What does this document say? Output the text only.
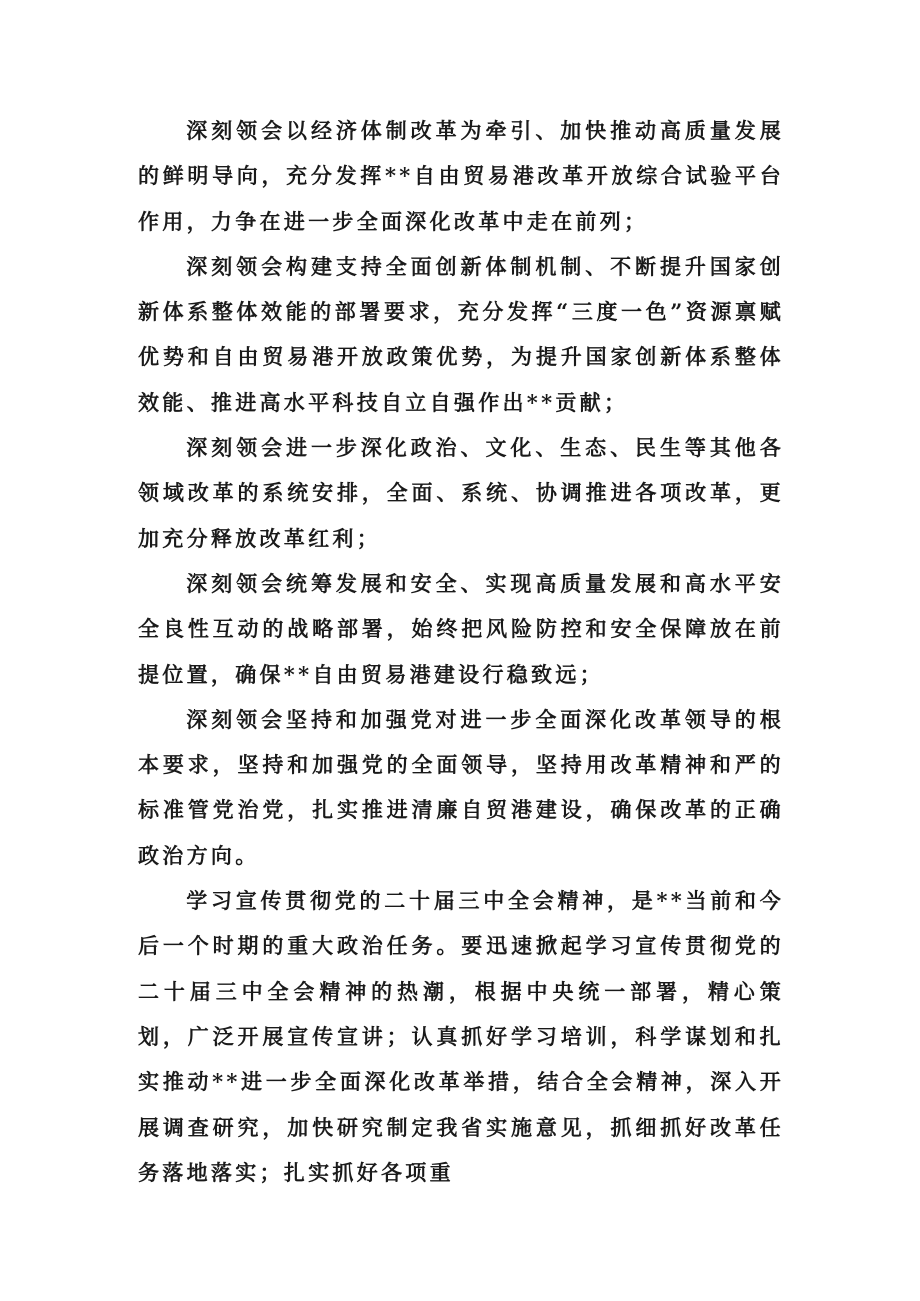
深刻领会以经济体制改革为牵引、加快推动高质量发展的鲜明导向，充分发挥**自由贸易港改革开放综合试验平台作用，力争在进一步全面深化改革中走在前列；

深刻领会构建支持全面创新体制机制、不断提升国家创新体系整体效能的部署要求，充分发挥“三度一色”资源禀赋优势和自由贸易港开放政策优势，为提升国家创新体系整体效能、推进高水平科技自立自强作出**贡献；

深刻领会进一步深化政治、文化、生态、民生等其他各领域改革的系统安排，全面、系统、协调推进各项改革，更加充分释放改革红利；

深刻领会统筹发展和安全、实现高质量发展和高水平安全良性互动的战略部署，始终把风险防控和安全保障放在前提位置，确保**自由贸易港建设行稳致远；

深刻领会坚持和加强党对进一步全面深化改革领导的根本要求，坚持和加强党的全面领导，坚持用改革精神和严的标准管党治党，扎实推进清廉自贸港建设，确保改革的正确政治方向。

学习宣传贯彻党的二十届三中全会精神，是**当前和今后一个时期的重大政治任务。要迅速掀起学习宣传贯彻党的二十届三中全会精神的热潮，根据中央统一部署，精心策划，广泛开展宣传宣讲；认真抓好学习培训，科学谋划和扎实推动**进一步全面深化改革举措，结合全会精神，深入开展调查研究，加快研究制定我省实施意见，抓细抓好改革任务落地落实；扎实抓好各项重
